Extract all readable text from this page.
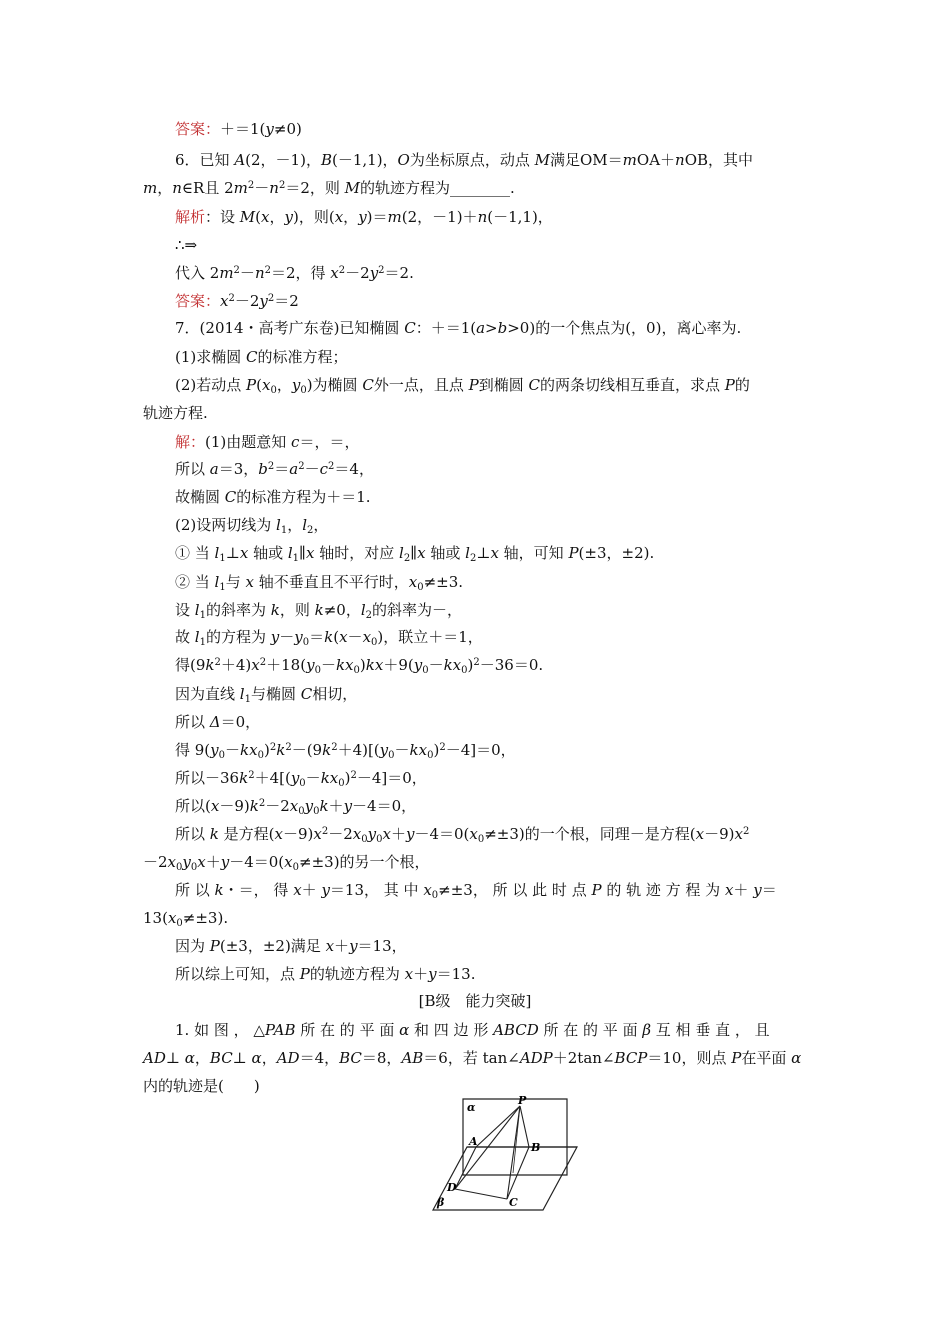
答案：＋＝1(y≠0)
6．已知 A(2，－1)，B(－1,1)，O为坐标原点，动点 M满足OM＝mOA＋nOB，其中
m，n∈R且 $2m^2-n^2=2$，则 M的轨迹方程为________.
解析：设 M(x，y)，则(x，y)＝m(2，－1)＋n(－1,1)，
∴⇒
代入 $2m^2-n^2=2$，得 $x^2-2y^2=2$.
答案：$x^2-2y^2=2$
7．(2014・高考广东卷)已知椭圆 C：＋＝1(a>b>0)的一个焦点为(，0)，离心率为.
(1)求椭圆 C的标准方程；
(2)若动点 $P(x_0$，$y_0$)为椭圆 C外一点，且点 P到椭圆 C的两条切线相互垂直，求点 P的
轨迹方程.
解：(1)由题意知 c＝，＝，
所以 a＝3，$b^2=a^2-c^2=4$，
故椭圆 C的标准方程为＋＝1.
(2)设两切线为 $l_1$，$l_2$，
① 当 $l_1\perp x$ 轴或 $l_1\parallel x$ 轴时，对应 $l_2\parallel x$ 轴或 $l_2\perp x$ 轴，可知 P(±3，±2).
② 当 $l_1$与 x 轴不垂直且不平行时，$x_0\ne\pm 3$.
设 $l_1$的斜率为 k，则 k≠0，$l_2$的斜率为－，
故 $l_1$的方程为 $y-y_0=k(x-x_0)$，联立＋＝1，
得$(9k^2+4)x^2+18(y_0-kx_0)kx+9(y_0-kx_0)^2-36=0$.
因为直线 $l_1$与椭圆 C相切，
所以 Δ＝0，
得 $9(y_0-kx_0)^2k^2-(9k^2+4)[(y_0-kx_0)^2-4]=0$，
所以$-36k^2+4[(y_0-kx_0)^2-4]=0$，
所以$(x-9)k^2-2x_0y_0k+y-4=0$，
所以 k 是方程$(x-9)x^2-2x_0y_0x+y-4=0(x_0\ne\pm 3)$的一个根，同理－是方程$(x-9)x^2$
$-2x_0y_0x+y-4=0(x_0\ne\pm 3)$的另一个根，
所 以 k・＝， 得 x＋ y＝13， 其 中 $x_0\ne\pm 3$， 所 以 此 时 点 P 的 轨 迹 方 程 为 x＋ y＝
$13(x_0\ne\pm 3)$.
因为 P(±3，±2)满足 x＋y＝13，
所以综上可知，点 P的轨迹方程为 x＋y＝13.
[B级　能力突破]
1. 如 图 ， △PAB 所 在 的 平 面 α 和 四 边 形 ABCD 所 在 的 平 面 β 互 相 垂 直 ， 且
AD⊥ α，BC⊥ α，AD＝4，BC＝8，AB＝6，若 tan∠ADP＋2tan∠BCP＝10，则点 P在平面 α
内的轨迹是(　　)
α
P
A	B
D
C
β
